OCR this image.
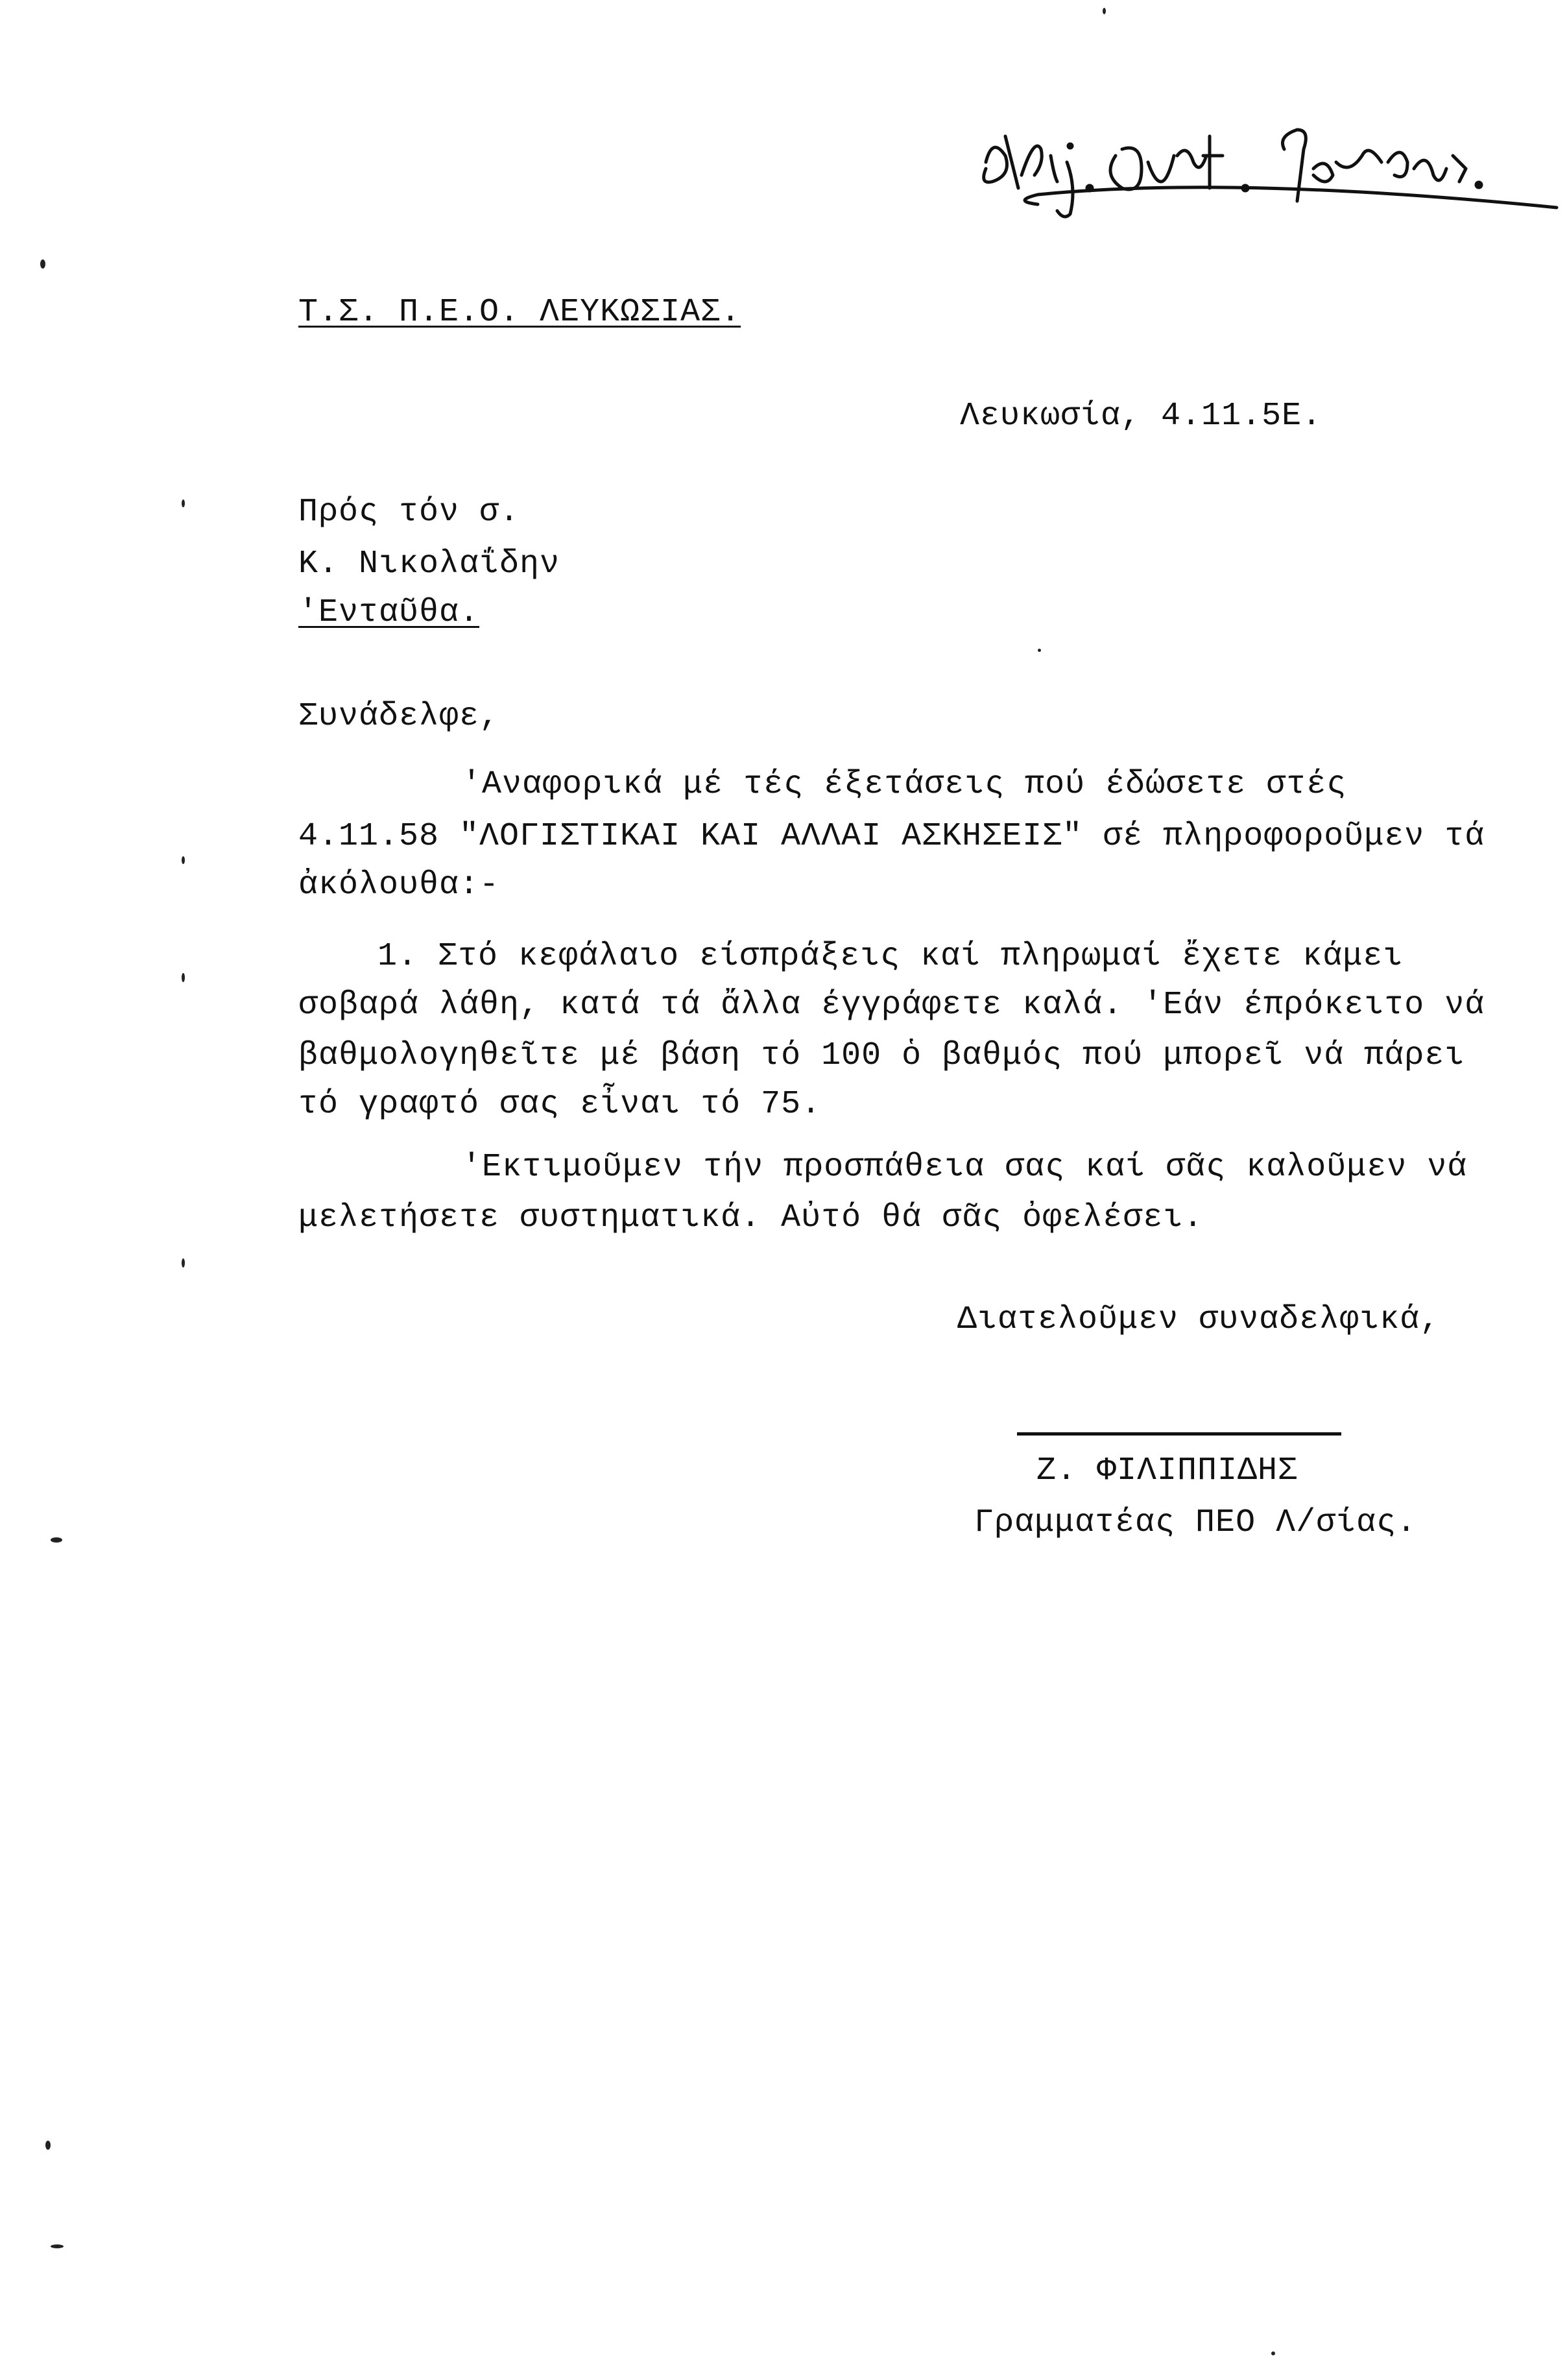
Τ.Σ. Π.Ε.Ο. ΛΕΥΚΩΣΙΑΣ.
Λευκωσία, 4.11.5Ε.
Πρός τόν σ.
Κ. Νικολαΐδην
'Ενταῦθα.
Συνάδελφε,
'Αναφορικά μέ τές έξετάσεις πού έδώσετε στές
4.11.58 "ΛΟΓΙΣΤΙΚΑΙ ΚΑΙ ΑΛΛΑΙ ΑΣΚΗΣΕΙΣ" σέ πληροφοροῦμεν τά
ἀκόλουθα:-
1. Στό κεφάλαιο είσπράξεις καί πληρωμαί ἔχετε κάμει
σοβαρά λάθη, κατά τά ἄλλα έγγράφετε καλά. 'Εάν έπρόκειτο νά
βαθμολογηθεῖτε μέ βάση τό 100 ὁ βαθμός πού μπορεῖ νά πάρει
τό γραφτό σας εἶναι τό 75.
'Εκτιμοῦμεν τήν προσπάθεια σας καί σᾶς καλοῦμεν νά
μελετήσετε συστηματικά. Αὐτό θά σᾶς ὀφελέσει.
Διατελοῦμεν συναδελφικά,
Ζ. ΦΙΛΙΠΠΙΔΗΣ
Γραμματέας ΠΕΟ Λ/σίας.
